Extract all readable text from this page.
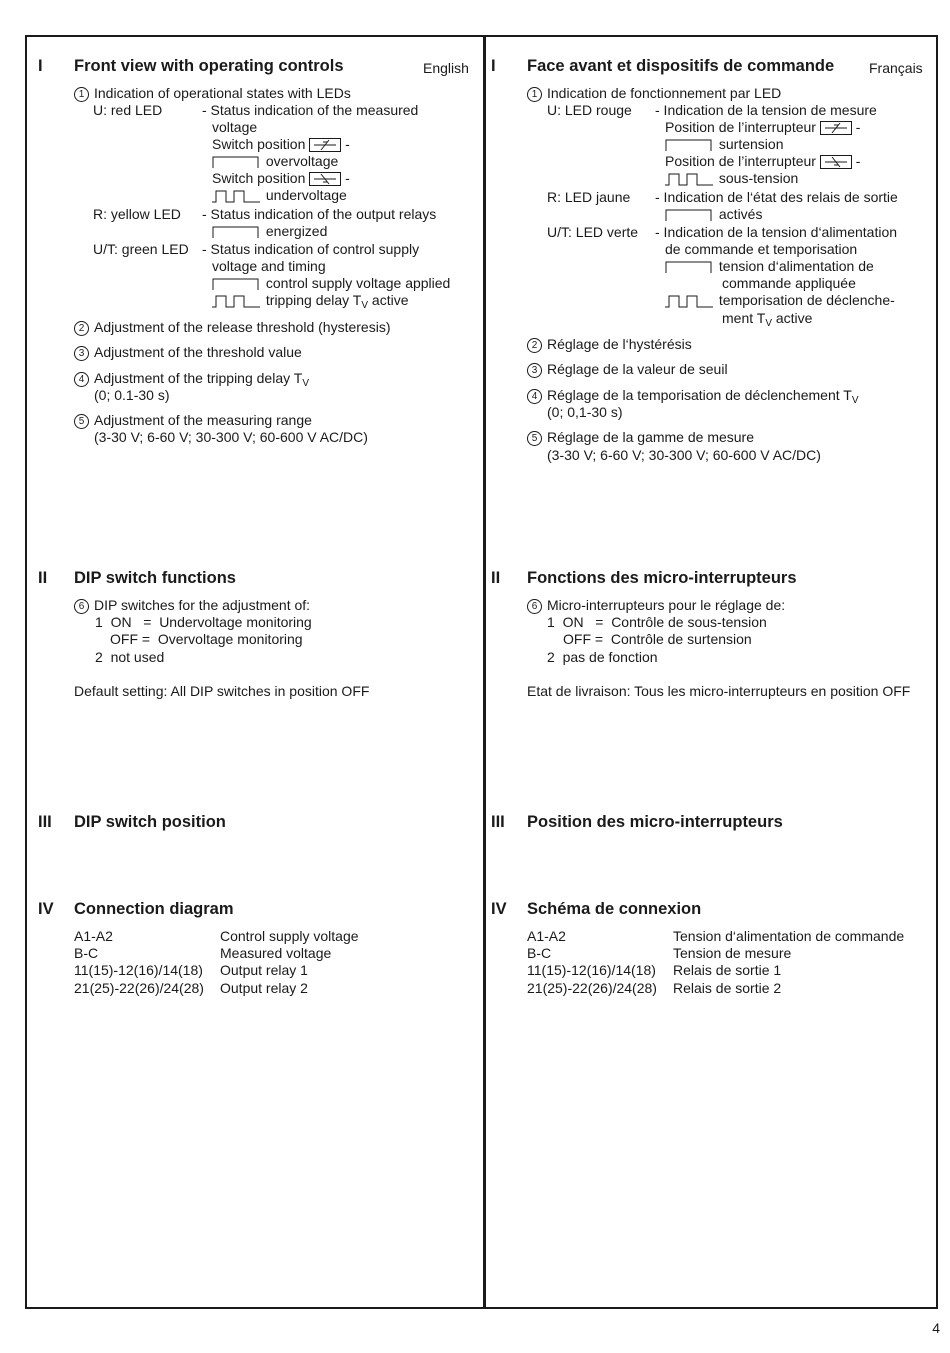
I Front view with operating controls	English
1 Indication of operational states with LEDs
U: red LED	- Status indication of the measured
voltage
Switch position	-
overvoltage
Switch position	-
undervoltage
R: yellow LED - Status indication of the output relays
energized
U/T: green LED - Status indication of control supply
voltage and timing
control supply voltage applied
tripping delay $T_V$ active
2 Adjustment of the release threshold (hysteresis)
3 Adjustment of the threshold value
4 Adjustment of the tripping delay $T_V$
(0; 0.1-30 s)
5 Adjustment of the measuring range
(3-30 V; 6-60 V; 30-300 V; 60-600 V AC/DC)
II DIP switch functions
6 DIP switches for the adjustment of:
1  ON   =  Undervoltage monitoring
OFF =  Overvoltage monitoring
2  not used
Default setting: All DIP switches in position OFF
III DIP switch position
IV Connection diagram
A1-A2	Control supply voltage
B-C	Measured voltage
11(15)-12(16)/14(18) Output relay 1
21(25)-22(26)/24(28) Output relay 2
I Face avant et dispositifs de commande Français
1 Indication de fonctionnement par LED
U: LED rouge - Indication de la tension de mesure
Position de l’interrupteur	-
surtension
Position de l’interrupteur	-
sous-tension
R: LED jaune - Indication de l‘état des relais de sortie
activés
U/T: LED verte - Indication de la tension d‘alimentation
de commande et temporisation
tension d‘alimentation de
commande appliquée
temporisation de déclenche-
ment $T_V$ active
2 Réglage de l‘hystérésis
3 Réglage de la valeur de seuil
4 Réglage de la temporisation de déclenchement $T_V$
(0; 0,1-30 s)
5 Réglage de la gamme de mesure
(3-30 V; 6-60 V; 30-300 V; 60-600 V AC/DC)
II Fonctions des micro-interrupteurs
6 Micro-interrupteurs pour le réglage de:
1  ON   =  Contrôle de sous-tension
OFF =  Contrôle de surtension
2  pas de fonction
Etat de livraison: Tous les micro-interrupteurs en position OFF
III Position des micro-interrupteurs
IV Schéma de connexion
A1-A2	Tension d‘alimentation de commande
B-C	Tension de mesure
11(15)-12(16)/14(18) Relais de sortie 1
21(25)-22(26)/24(28) Relais de sortie 2
4
